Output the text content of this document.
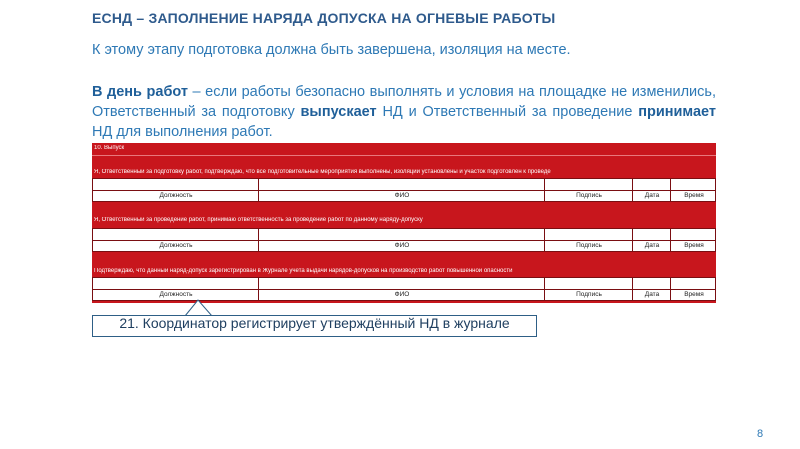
ЕСНД – ЗАПОЛНЕНИЕ НАРЯДА ДОПУСКА НА ОГНЕВЫЕ РАБОТЫ
К этому этапу подготовка должна быть завершена, изоляция на месте.
В день работ – если работы безопасно выполнять и условия на площадке не изменились, Ответственный за подготовку выпускает НД и Ответственный за проведение принимает НД для выполнения работ.
10. Выпуск
Я, Ответственный за подготовку работ, подтверждаю, что все подготовительные мероприятия выполнены, изоляции установлены и участок подготовлен к проведе
Должность	ФИО	Подпись	Дата	Время
Я, Ответственный за проведение работ, принимаю ответственность за проведение работ по данному наряду-допуску
Должность	ФИО	Подпись	Дата	Время
Подтверждаю, что данный наряд-допуск зарегистрирован в Журнале учета выдачи нарядов-допусков на производство работ повышенной опасности
Должность	ФИО	Подпись	Дата	Время
21. Координатор регистрирует утверждённый НД в журнале
8
